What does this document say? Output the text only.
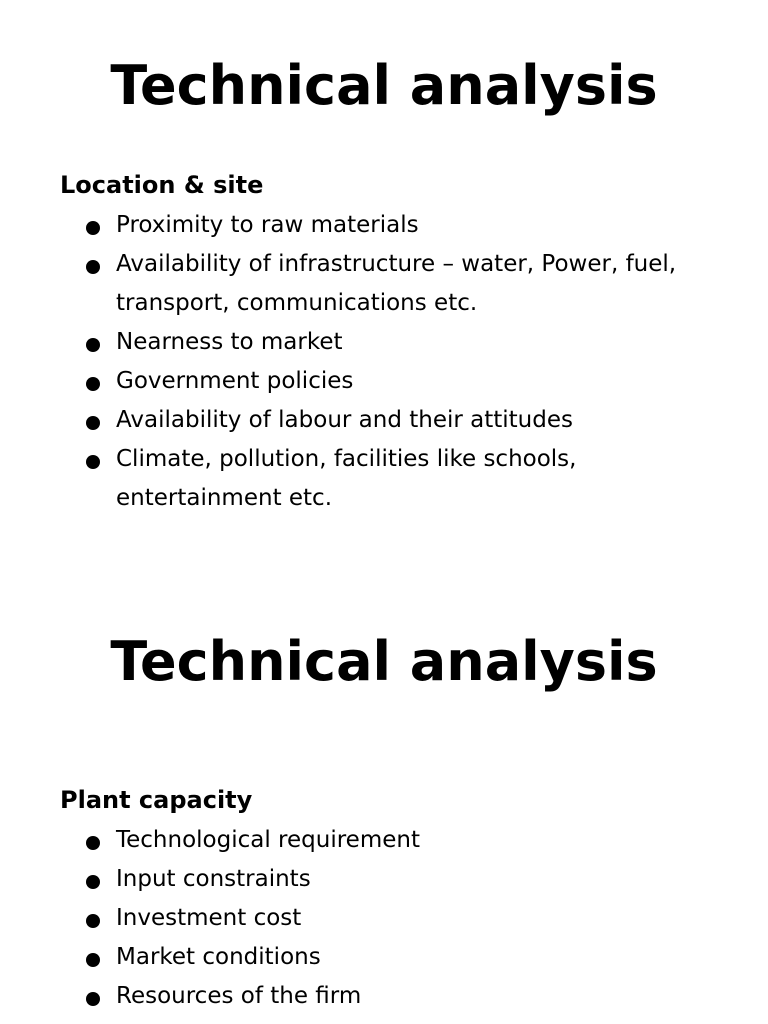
Technical analysis
Location & site
Proximity to raw materials
Availability of infrastructure – water, Power, fuel, transport, communications etc.
Nearness to market
Government policies
Availability of labour and their attitudes
Climate, pollution, facilities like schools, entertainment etc.
Technical analysis
Plant capacity
Technological requirement
Input constraints
Investment cost
Market conditions
Resources of the firm
